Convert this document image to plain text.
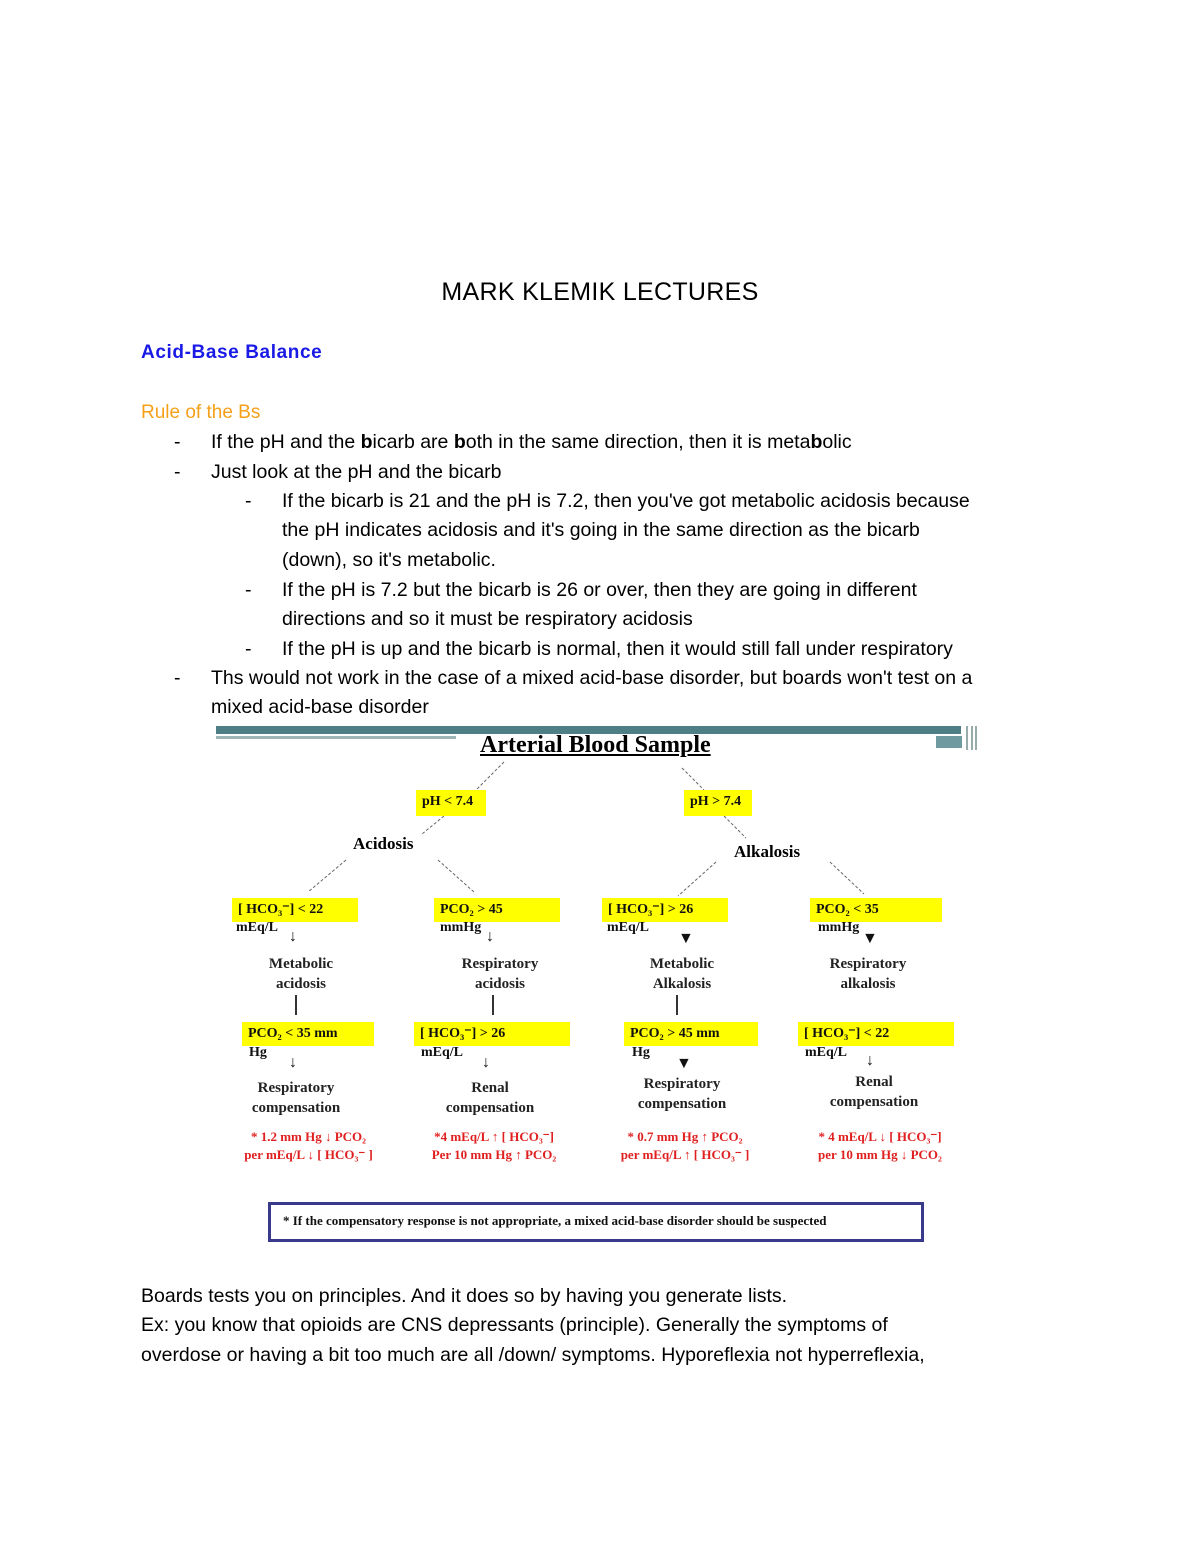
MARK KLEMIK LECTURES
Acid-Base Balance
Rule of the Bs
- If the pH and the bicarb are both in the same direction, then it is metabolic
- Just look at the pH and the bicarb
- If the bicarb is 21 and the pH is 7.2, then you've got metabolic acidosis because
the pH indicates acidosis and it's going in the same direction as the bicarb
(down), so it's metabolic.
- If the pH is 7.2 but the bicarb is 26 or over, then they are going in different
directions and so it must be respiratory acidosis
- If the pH is up and the bicarb is normal, then it would still fall under respiratory
- Ths would not work in the case of a mixed acid-base disorder, but boards won't test on a
mixed acid-base disorder
Arterial Blood Sample
pH < 7.4	pH > 7.4
Acidosis	Alkalosis
[ HCO₃⁻] < 22
mEq/L
↓
Metabolic
acidosis
PCO₂ < 35 mm
Hg
↓
Respiratory
compensation
* 1.2 mm Hg ↓ PCO₂
per mEq/L ↓ [ HCO₃⁻ ]
PCO₂ > 45
mmHg
↓
Respiratory
acidosis
[ HCO₃⁻] > 26
mEq/L
↓
Renal
compensation
*4 mEq/L ↑ [ HCO₃⁻]
Per 10 mm Hg ↑ PCO₂
[ HCO₃⁻] > 26
mEq/L
▼
Metabolic
Alkalosis
PCO₂ > 45 mm
Hg
▼
Respiratory
compensation
* 0.7 mm Hg ↑ PCO₂
per mEq/L ↑ [ HCO₃⁻ ]
PCO₂ < 35
mmHg
▼
Respiratory
alkalosis
[ HCO₃⁻] < 22
mEq/L ↓
Renal
compensation
* 4 mEq/L ↓ [ HCO₃⁻]
per 10 mm Hg ↓ PCO₂
* If the compensatory response is not appropriate, a mixed acid-base disorder should be suspected
Boards tests you on principles. And it does so by having you generate lists.
Ex: you know that opioids are CNS depressants (principle). Generally the symptoms of
overdose or having a bit too much are all /down/ symptoms. Hyporeflexia not hyperreflexia,
